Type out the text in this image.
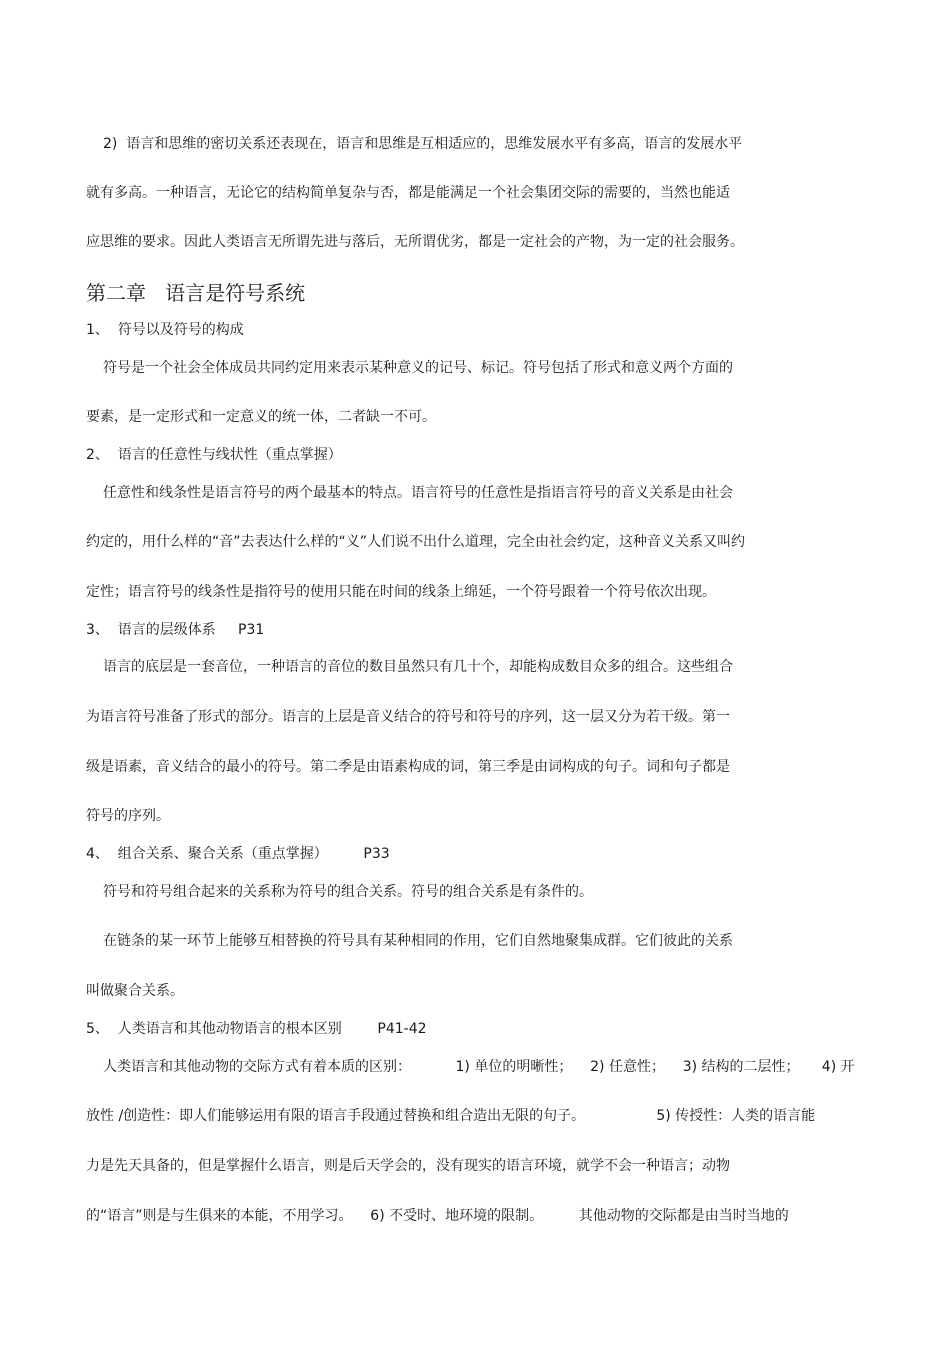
2)  语言和思维的密切关系还表现在，语言和思维是互相适应的，思维发展水平有多高，语言的发展水平
就有多高。一种语言，无论它的结构简单复杂与否，都是能满足一个社会集团交际的需要的，当然也能适
应思维的要求。因此人类语言无所谓先进与落后，无所谓优劣，都是一定社会的产物，为一定的社会服务。
第二章   语言是符号系统
1、  符号以及符号的构成
符号是一个社会全体成员共同约定用来表示某种意义的记号、标记。符号包括了形式和意义两个方面的
要素，是一定形式和一定意义的统一体，二者缺一不可。
2、  语言的任意性与线状性（重点掌握）
任意性和线条性是语言符号的两个最基本的特点。语言符号的任意性是指语言符号的音义关系是由社会
约定的，用什么样的“音”去表达什么样的“义”人们说不出什么道理，完全由社会约定，这种音义关系又叫约
定性；语言符号的线条性是指符号的使用只能在时间的线条上绵延，一个符号跟着一个符号依次出现。
3、  语言的层级体系     P31
语言的底层是一套音位，一种语言的音位的数目虽然只有几十个，却能构成数目众多的组合。这些组合
为语言符号准备了形式的部分。语言的上层是音义结合的符号和符号的序列，这一层又分为若干级。第一
级是语素，音义结合的最小的符号。第二季是由语素构成的词，第三季是由词构成的句子。词和句子都是
符号的序列。
4、  组合关系、聚合关系（重点掌握）        P33
符号和符号组合起来的关系称为符号的组合关系。符号的组合关系是有条件的。
在链条的某一环节上能够互相替换的符号具有某种相同的作用，它们自然地聚集成群。它们彼此的关系
叫做聚合关系。
5、  人类语言和其他动物语言的根本区别        P41-42
人类语言和其他动物的交际方式有着本质的区别：          1) 单位的明晰性；    2) 任意性；    3) 结构的二层性；     4) 开
放性 /创造性：即人们能够运用有限的语言手段通过替换和组合造出无限的句子。                5) 传授性：人类的语言能
力是先天具备的，但是掌握什么语言，则是后天学会的，没有现实的语言环境，就学不会一种语言；动物
的“语言”则是与生俱来的本能，不用学习。    6) 不受时、地环境的限制。        其他动物的交际都是由当时当地的
